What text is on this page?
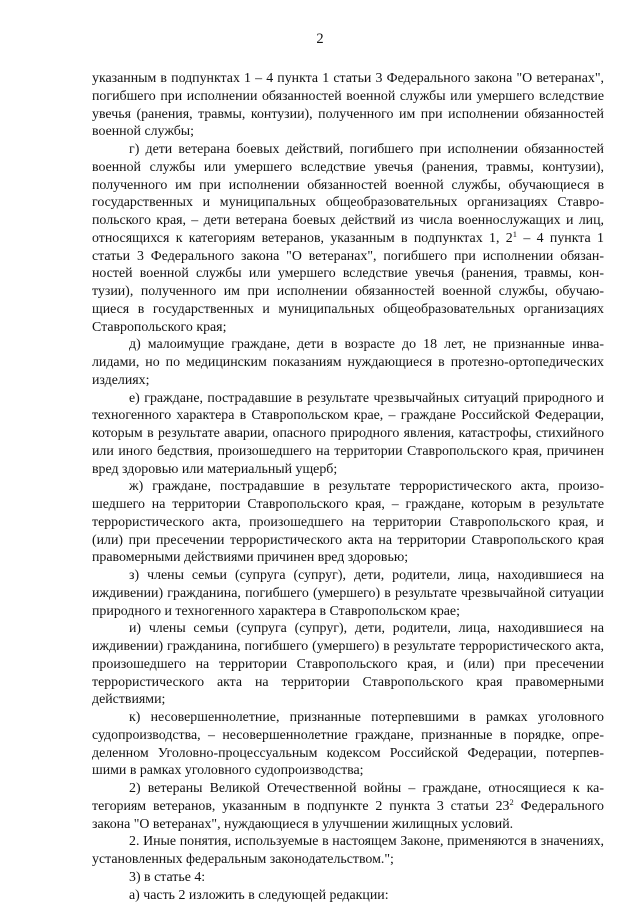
2

указанным в подпунктах 1 – 4 пункта 1 статьи 3 Федерального закона "О ветеранах", погибшего при исполнении обязанностей военной службы или умершего вследствие увечья (ранения, травмы, контузии), полученного им при исполнении обязанностей военной службы;

г) дети ветерана боевых действий, погибшего при исполнении обязанностей военной службы или умершего вследствие увечья (ранения, травмы, контузии), полученного им при исполнении обязанностей военной службы, обучающиеся в государственных и муниципальных общеобразовательных организациях Ставропольского края, – дети ветерана боевых действий из числа военнослужащих и лиц, относящихся к категориям ветеранов, указанным в подпунктах 1, $2^1 - 4$ пункта 1 статьи 3 Федерального закона "О ветеранах", погибшего при исполнении обязанностей военной службы или умершего вследствие увечья (ранения, травмы, контузии), полученного им при исполнении обязанностей военной службы, обучающиеся в государственных и муниципальных общеобразовательных организациях Ставропольского края;

д) малоимущие граждане, дети в возрасте до 18 лет, не признанные инвалидами, но по медицинским показаниям нуждающиеся в протезно-ортопедических изделиях;

е) граждане, пострадавшие в результате чрезвычайных ситуаций природного и техногенного характера в Ставропольском крае, – граждане Российской Федерации, которым в результате аварии, опасного природного явления, катастрофы, стихийного или иного бедствия, произошедшего на территории Ставропольского края, причинен вред здоровью или материальный ущерб;

ж) граждане, пострадавшие в результате террористического акта, произошедшего на территории Ставропольского края, – граждане, которым в результате террористического акта, произошедшего на территории Ставропольского края, и (или) при пресечении террористического акта на территории Ставропольского края правомерными действиями причинен вред здоровью;

з) члены семьи (супруга (супруг), дети, родители, лица, находившиеся на иждивении) гражданина, погибшего (умершего) в результате чрезвычайной ситуации природного и техногенного характера в Ставропольском крае;

и) члены семьи (супруга (супруг), дети, родители, лица, находившиеся на иждивении) гражданина, погибшего (умершего) в результате террористического акта, произошедшего на территории Ставропольского края, и (или) при пресечении террористического акта на территории Ставропольского края правомерными действиями;

к) несовершеннолетние, признанные потерпевшими в рамках уголовного судопроизводства, – несовершеннолетние граждане, признанные в порядке, определенном Уголовно-процессуальным кодексом Российской Федерации, потерпевшими в рамках уголовного судопроизводства;

2) ветераны Великой Отечественной войны – граждане, относящиеся к категориям ветеранов, указанным в подпункте 2 пункта 3 статьи $23^2$ Федерального закона "О ветеранах", нуждающиеся в улучшении жилищных условий.

2. Иные понятия, используемые в настоящем Законе, применяются в значениях, установленных федеральным законодательством.";

3) в статье 4:

а) часть 2 изложить в следующей редакции:
